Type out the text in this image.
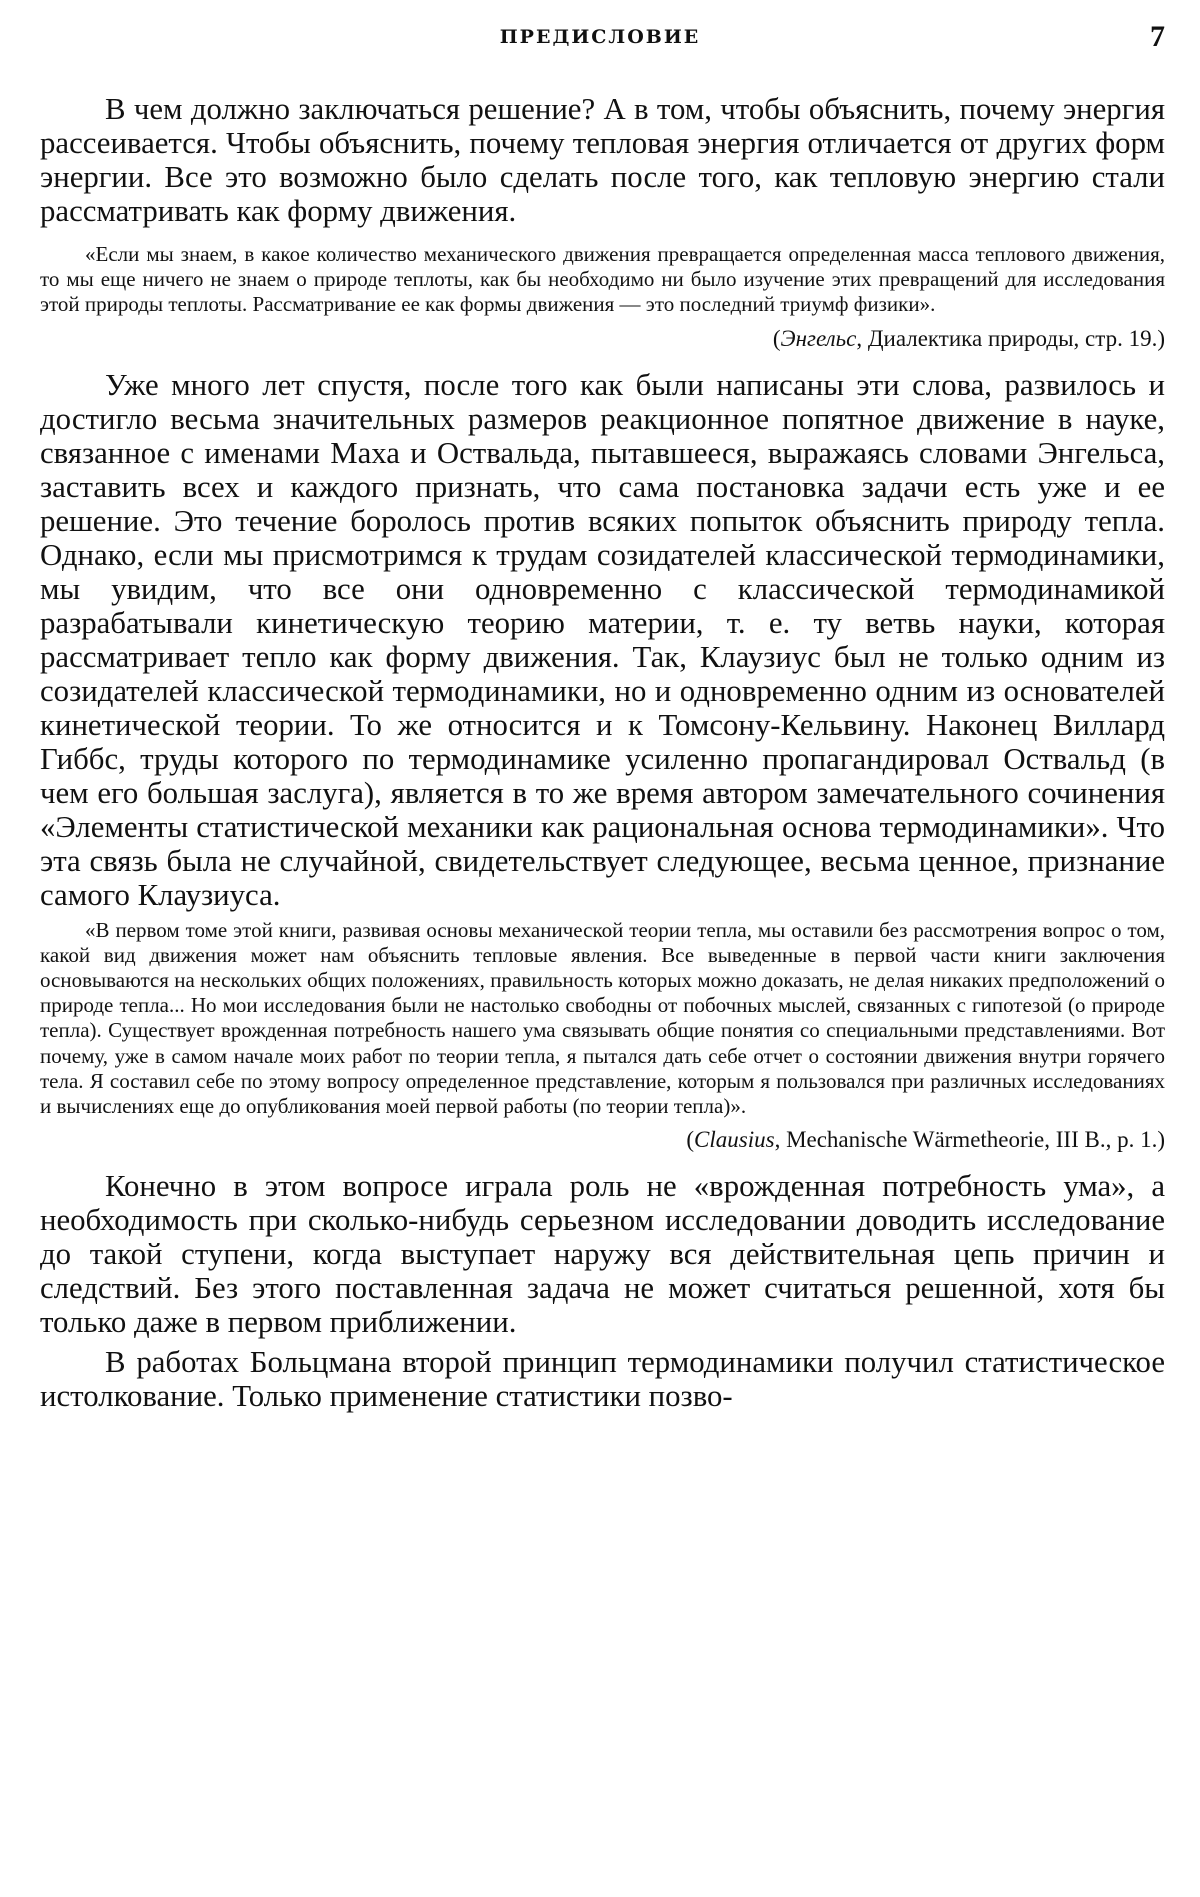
ПРЕДИСЛОВИЕ	7

В чем должно заключаться решение? А в том, чтобы объяснить, почему энергия рассеивается. Чтобы объяснить, почему тепловая энергия отличается от других форм энергии. Все это возможно было сделать после того, как тепловую энергию стали рассматривать как форму движения.

«Если мы знаем, в какое количество механического движения превращается определенная масса теплового движения, то мы еще ничего не знаем о природе теплоты, как бы необходимо ни было изучение этих превращений для исследования этой природы теплоты. Рассматривание ее как формы движения — это последний триумф физики».

(Энгельс, Диалектика природы, стр. 19.)

Уже много лет спустя, после того как были написаны эти слова, развилось и достигло весьма значительных размеров реакционное попятное движение в науке, связанное с именами Маха и Оствальда, пытавшееся, выражаясь словами Энгельса, заставить всех и каждого признать, что сама постановка задачи есть уже и ее решение. Это течение боролось против всяких попыток объяснить природу тепла. Однако, если мы присмотримся к трудам созидателей классической термодинамики, мы увидим, что все они одновременно с классической термодинамикой разрабатывали кинетическую теорию материи, т. е. ту ветвь науки, которая рассматривает тепло как форму движения. Так, Клаузиус был не только одним из созидателей классической термодинамики, но и одновременно одним из основателей кинетической теории. То же относится и к Томсону-Кельвину. Наконец Виллард Гиббс, труды которого по термодинамике усиленно пропагандировал Оствальд (в чем его большая заслуга), является в то же время автором замечательного сочинения «Элементы статистической механики как рациональная основа термодинамики». Что эта связь была не случайной, свидетельствует следующее, весьма ценное, признание самого Клаузиуса.

«В первом томе этой книги, развивая основы механической теории тепла, мы оставили без рассмотрения вопрос о том, какой вид движения может нам объяснить тепловые явления. Все выведенные в первой части книги заключения основываются на нескольких общих положениях, правильность которых можно доказать, не делая никаких предположений о природе тепла... Но мои исследования были не настолько свободны от побочных мыслей, связанных с гипотезой (о природе тепла). Существует врожденная потребность нашего ума связывать общие понятия со специальными представлениями. Вот почему, уже в самом начале моих работ по теории тепла, я пытался дать себе отчет о состоянии движения внутри горячего тела. Я составил себе по этому вопросу определенное представление, которым я пользовался при различных исследованиях и вычислениях еще до опубликования моей первой работы (по теории тепла)».

(Clausius, Mechanische Wärmetheorie, III B., p. 1.)

Конечно в этом вопросе играла роль не «врожденная потребность ума», а необходимость при сколько-нибудь серьезном исследовании доводить исследование до такой ступени, когда выступает наружу вся действительная цепь причин и следствий. Без этого поставленная задача не может считаться решенной, хотя бы только даже в первом приближении.

В работах Больцмана второй принцип термодинамики получил статистическое истолкование. Только применение статистики позво-
